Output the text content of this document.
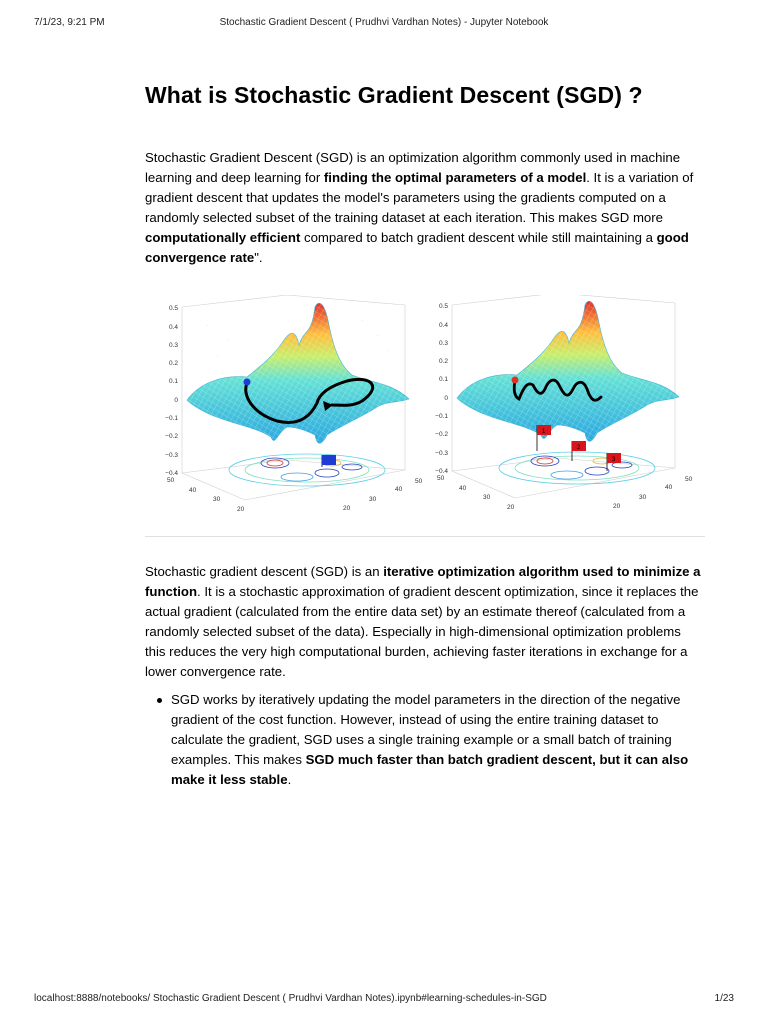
7/1/23, 9:21 PM	Stochastic Gradient Descent ( Prudhvi Vardhan Notes) - Jupyter Notebook
What is Stochastic Gradient Descent (SGD) ?

Stochastic Gradient Descent (SGD) is an optimization algorithm commonly used in machine learning and deep learning for finding the optimal parameters of a model. It is a variation of gradient descent that updates the model's parameters using the gradients computed on a randomly selected subset of the training dataset at each iteration. This makes SGD more computationally efficient compared to batch gradient descent while still maintaining a good convergence rate".

0.5
0.4
0.3
0.2
0.1
0
−0.1
−0.2
−0.3
−0.4
50
40
30
20
50
40
30
20
0.5
0.4
0.3
0.2
0.1
0
−0.1
−0.2
−0.3
−0.4
1
2
3
50
40
30
20
50
40
30
20

Stochastic gradient descent (SGD) is an iterative optimization algorithm used to minimize a function. It is a stochastic approximation of gradient descent optimization, since it replaces the actual gradient (calculated from the entire data set) by an estimate thereof (calculated from a randomly selected subset of the data). Especially in high-dimensional optimization problems this reduces the very high computational burden, achieving faster iterations in exchange for a lower convergence rate.

SGD works by iteratively updating the model parameters in the direction of the negative gradient of the cost function. However, instead of using the entire training dataset to calculate the gradient, SGD uses a single training example or a small batch of training examples. This makes SGD much faster than batch gradient descent, but it can also make it less stable.

localhost:8888/notebooks/ Stochastic Gradient Descent ( Prudhvi Vardhan Notes).ipynb#learning-schedules-in-SGD	1/23
